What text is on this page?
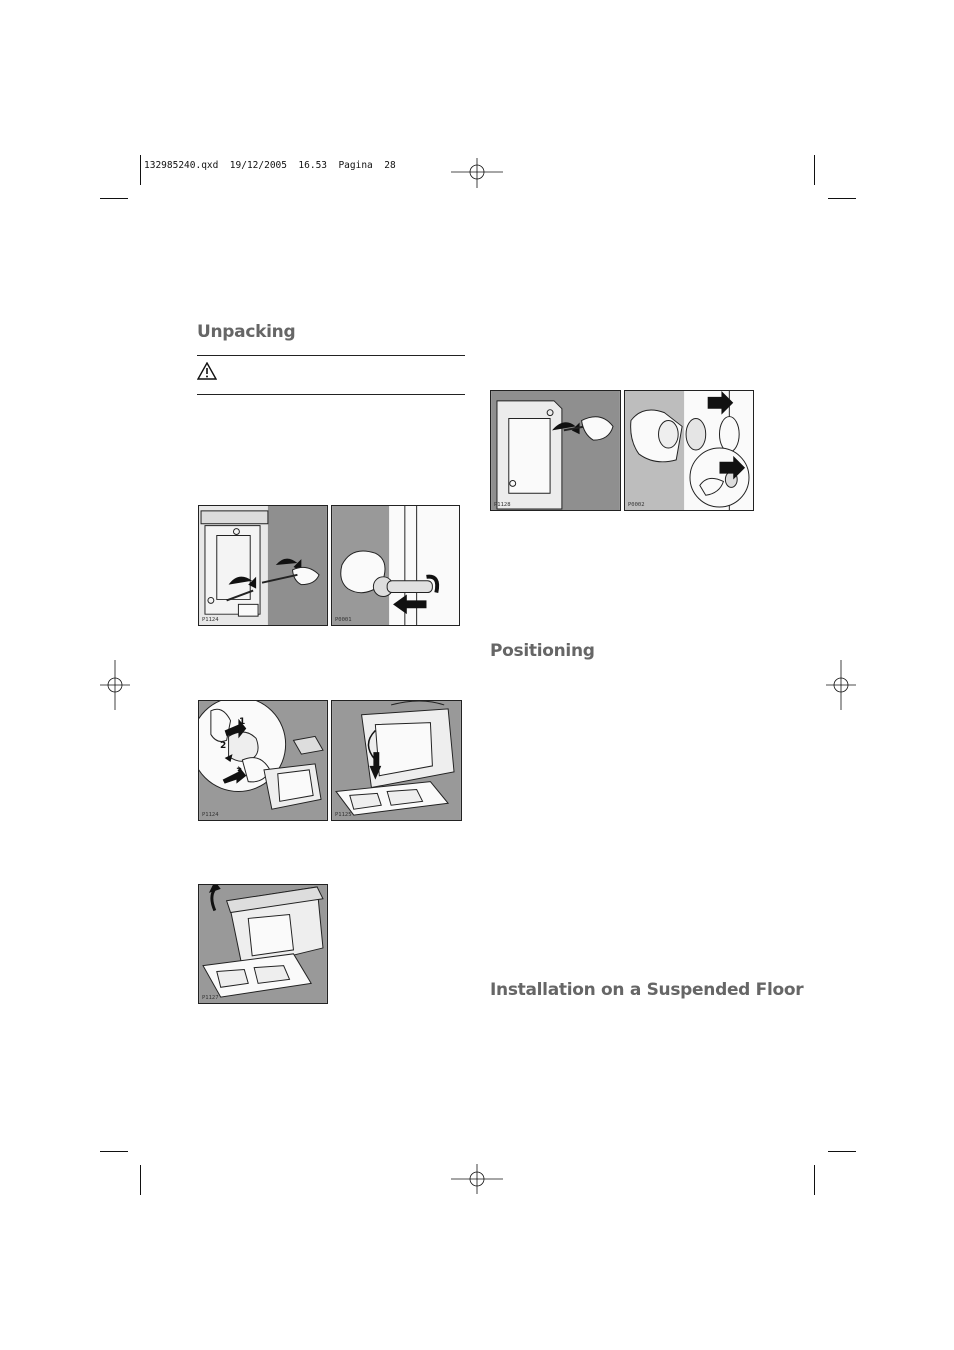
132985240.qxd  19/12/2005  16.53  Pagina  28
Unpacking
P1124	P0001
P1128	P0002
1
2
3
P1124	P1125
P1127
Positioning
Installation on a Suspended Floor
